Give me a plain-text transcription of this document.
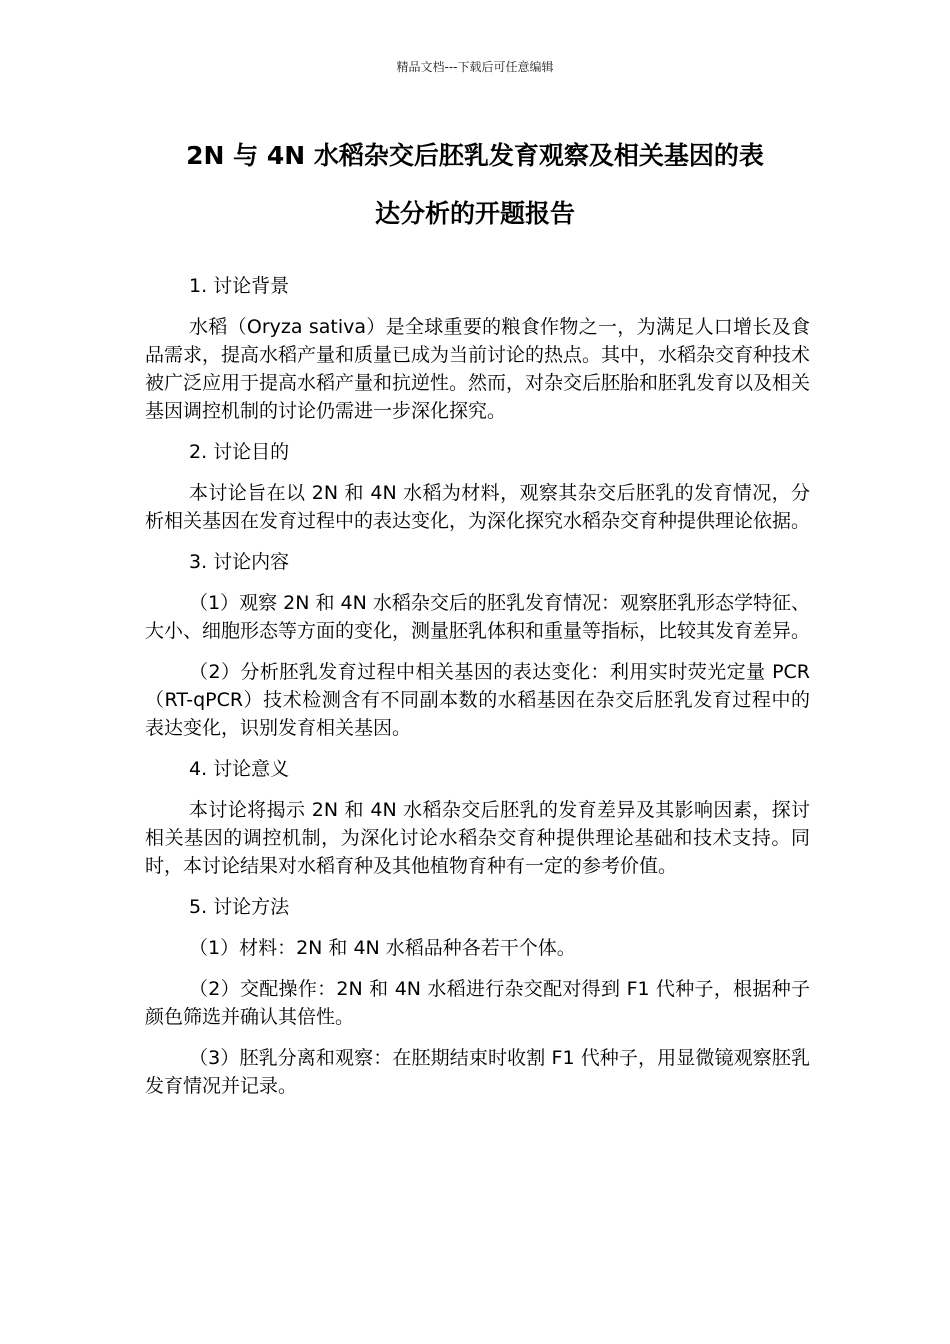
精品文档---下载后可任意编辑
2N 与 4N 水稻杂交后胚乳发育观察及相关基因的表
达分析的开题报告

1. 讨论背景

水稻（Oryza sativa）是全球重要的粮食作物之一，为满足人口增长及食品需求，提高水稻产量和质量已成为当前讨论的热点。其中，水稻杂交育种技术被广泛应用于提高水稻产量和抗逆性。然而，对杂交后胚胎和胚乳发育以及相关基因调控机制的讨论仍需进一步深化探究。

2. 讨论目的

本讨论旨在以 2N 和 4N 水稻为材料，观察其杂交后胚乳的发育情况，分析相关基因在发育过程中的表达变化，为深化探究水稻杂交育种提供理论依据。

3. 讨论内容

（1）观察 2N 和 4N 水稻杂交后的胚乳发育情况：观察胚乳形态学特征、大小、细胞形态等方面的变化，测量胚乳体积和重量等指标，比较其发育差异。

（2）分析胚乳发育过程中相关基因的表达变化：利用实时荧光定量 PCR（RT-qPCR）技术检测含有不同副本数的水稻基因在杂交后胚乳发育过程中的表达变化，识别发育相关基因。

4. 讨论意义

本讨论将揭示 2N 和 4N 水稻杂交后胚乳的发育差异及其影响因素，探讨相关基因的调控机制，为深化讨论水稻杂交育种提供理论基础和技术支持。同时，本讨论结果对水稻育种及其他植物育种有一定的参考价值。

5. 讨论方法

（1）材料：2N 和 4N 水稻品种各若干个体。

（2）交配操作：2N 和 4N 水稻进行杂交配对得到 F1 代种子，根据种子颜色筛选并确认其倍性。

（3）胚乳分离和观察：在胚期结束时收割 F1 代种子，用显微镜观察胚乳发育情况并记录。
